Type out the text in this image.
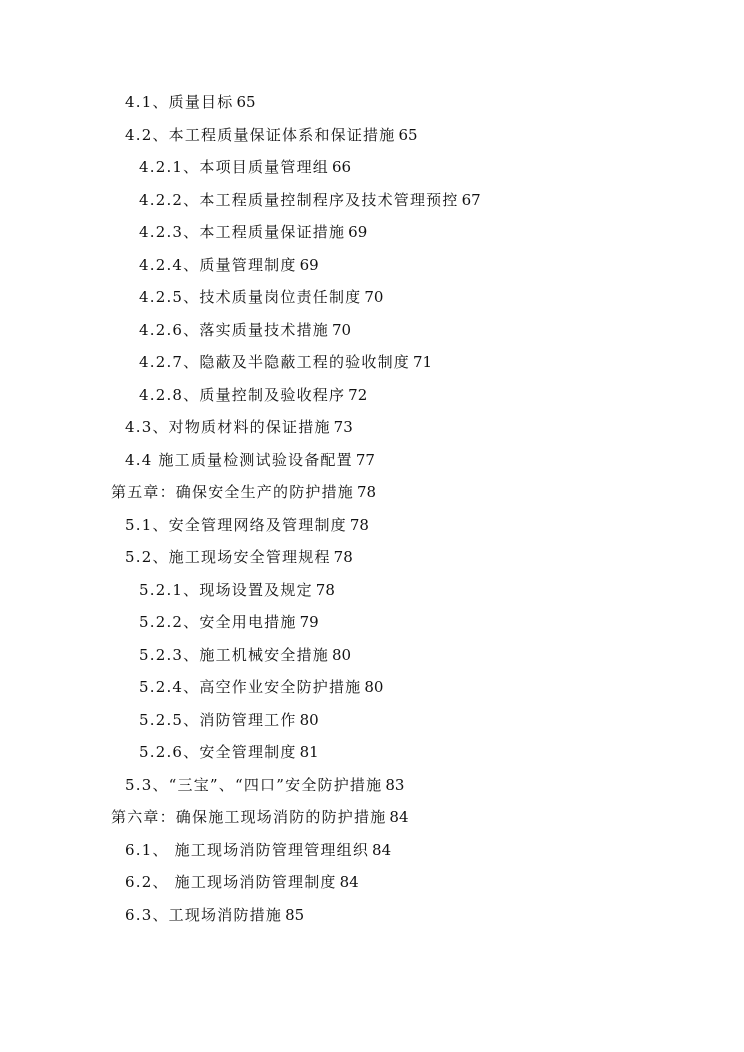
4.1、质量目标 65
4.2、本工程质量保证体系和保证措施 65
4.2.1、本项目质量管理组 66
4.2.2、本工程质量控制程序及技术管理预控 67
4.2.3、本工程质量保证措施 69
4.2.4、质量管理制度 69
4.2.5、技术质量岗位责任制度 70
4.2.6、落实质量技术措施 70
4.2.7、隐蔽及半隐蔽工程的验收制度 71
4.2.8、质量控制及验收程序 72
4.3、对物质材料的保证措施 73
4.4 施工质量检测试验设备配置 77
第五章：确保安全生产的防护措施 78
5.1、安全管理网络及管理制度 78
5.2、施工现场安全管理规程 78
5.2.1、现场设置及规定 78
5.2.2、安全用电措施 79
5.2.3、施工机械安全措施 80
5.2.4、高空作业安全防护措施 80
5.2.5、消防管理工作 80
5.2.6、安全管理制度 81
5.3、“三宝”、“四口”安全防护措施 83
第六章：确保施工现场消防的防护措施 84
6.1、 施工现场消防管理管理组织 84
6.2、 施工现场消防管理制度 84
6.3、工现场消防措施 85
